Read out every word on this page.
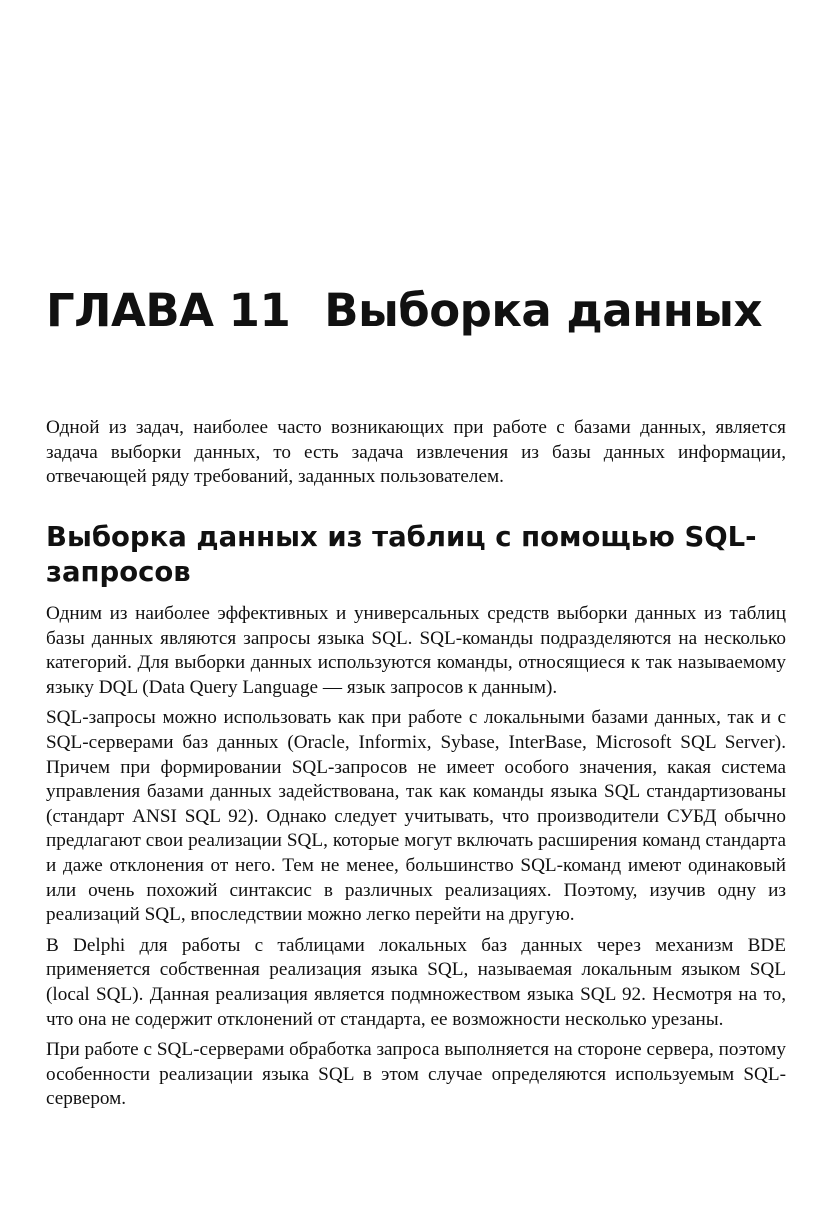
ГЛАВА 11 Выборка данных

Одной из задач, наиболее часто возникающих при работе с базами данных, является задача выборки данных, то есть задача извлечения из базы данных информации, отвечающей ряду требований, заданных пользователем.

Выборка данных из таблиц с помощью SQL-запросов

Одним из наиболее эффективных и универсальных средств выборки данных из таблиц базы данных являются запросы языка SQL. SQL-команды подразделяются на несколько категорий. Для выборки данных используются команды, относящиеся к так называемому языку DQL (Data Query Language — язык запросов к данным).

SQL-запросы можно использовать как при работе с локальными базами данных, так и с SQL-серверами баз данных (Oracle, Informix, Sybase, InterBase, Microsoft SQL Server). Причем при формировании SQL-запросов не имеет особого значения, какая система управления базами данных задействована, так как команды языка SQL стандартизованы (стандарт ANSI SQL 92). Однако следует учитывать, что производители СУБД обычно предлагают свои реализации SQL, которые могут включать расширения команд стандарта и даже отклонения от него. Тем не менее, большинство SQL-команд имеют одинаковый или очень похожий синтаксис в различных реализациях. Поэтому, изучив одну из реализаций SQL, впоследствии можно легко перейти на другую.

В Delphi для работы с таблицами локальных баз данных через механизм BDE применяется собственная реализация языка SQL, называемая локальным языком SQL (local SQL). Данная реализация является подмножеством языка SQL 92. Несмотря на то, что она не содержит отклонений от стандарта, ее возможности несколько урезаны.

При работе с SQL-серверами обработка запроса выполняется на стороне сервера, поэтому особенности реализации языка SQL в этом случае определяются используемым SQL-сервером.
